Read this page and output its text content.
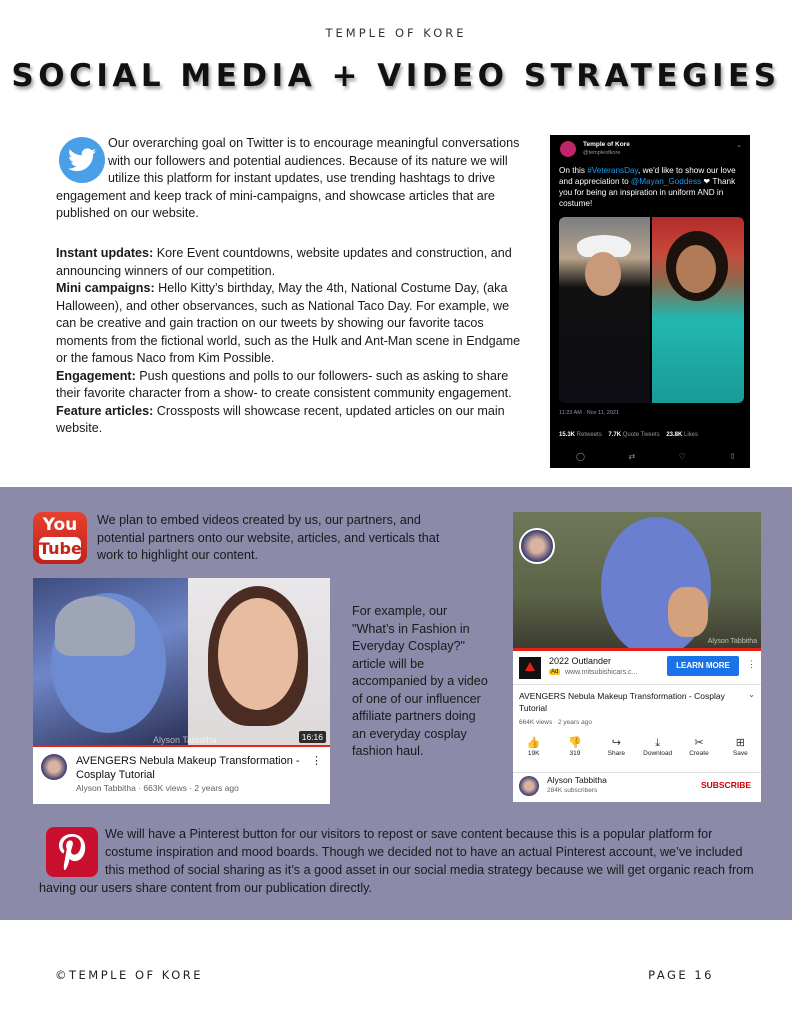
TEMPLE OF KORE
SOCIAL MEDIA + VIDEO STRATEGIES
Our overarching goal on Twitter is to encourage meaningful conversations with our followers and potential audiences. Because of its nature we will utilize this platform for instant updates, use trending hashtags to drive engagement and keep track of mini-campaigns, and showcase articles that are published on our website.

Instant updates: Kore Event countdowns, website updates and construction, and announcing winners of our competition.

Mini campaigns: Hello Kitty’s birthday, May the 4th, National Costume Day, (aka Halloween), and other observances, such as National Taco Day. For example, we can be creative and gain traction on our tweets by showing our favorite tacos moments from the fictional world, such as the Hulk and Ant-Man scene in Endgame or the famous Naco from Kim Possible.

Engagement: Push questions and polls to our followers- such as asking to share their favorite character from a show- to create consistent community engagement.

Feature articles: Crossposts will showcase recent, updated articles on our main website.

Temple of Kore
@templeofkore
⌄
On this #VeteransDay, we'd like to show our love and appreciation to @Mayan_Goddess ❤ Thank you for being an inspiration in uniform AND in costume!
11:23 AM · Nov 11, 2021
15.3K Retweets 7.7K Quote Tweets 23.8K Likes
◯	⇄	♡	⇧
You
Tube
We plan to embed videos created by us, our partners, and potential partners onto our website, articles, and verticals that work to highlight our content.
Alyson Tabbitha	16:16
AVENGERS Nebula Makeup Transformation - Cosplay Tutorial
Alyson Tabbitha · 663K views · 2 years ago
⋮
For example, our "What’s in Fashion in Everyday Cosplay?" article will be accompanied by a video of one of our influencer affiliate partners doing an everyday cosplay fashion haul.
Alyson Tabbitha
2022 Outlander
Ad www.mitsubishicars.c...
LEARN MORE	⋮
AVENGERS Nebula Makeup Transformation - Cosplay Tutorial
⌄
664K views · 2 years ago
👍
19K
👎
319
↪
Share
⤓
Download
✂
Create
⊞
Save
Alyson Tabbitha
284K subscribers
SUBSCRIBE
We will have a Pinterest button for our visitors to repost or save content because this is a popular platform for costume inspiration and mood boards. Though we decided not to have an actual Pinterest account, we’ve included this method of social sharing as it’s a good asset in our social media strategy because we will get organic reach from having our users share content from our publication directly.
©TEMPLE OF KORE	PAGE 16
